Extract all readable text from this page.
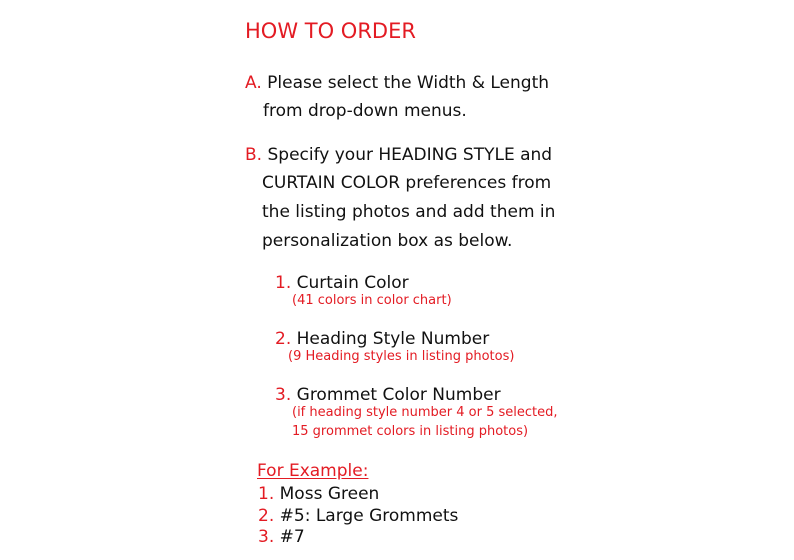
HOW TO ORDER
A. Please select the Width & Length
from drop-down menus.
B. Specify your HEADING STYLE and
CURTAIN COLOR preferences from
the listing photos and add them in
personalization box as below.
1. Curtain Color
(41 colors in color chart)
2. Heading Style Number
(9 Heading styles in listing photos)
3. Grommet Color Number
(if heading style number 4 or 5 selected,
15 grommet colors in listing photos)
For Example:
1. Moss Green
2. #5: Large Grommets
3. #7
